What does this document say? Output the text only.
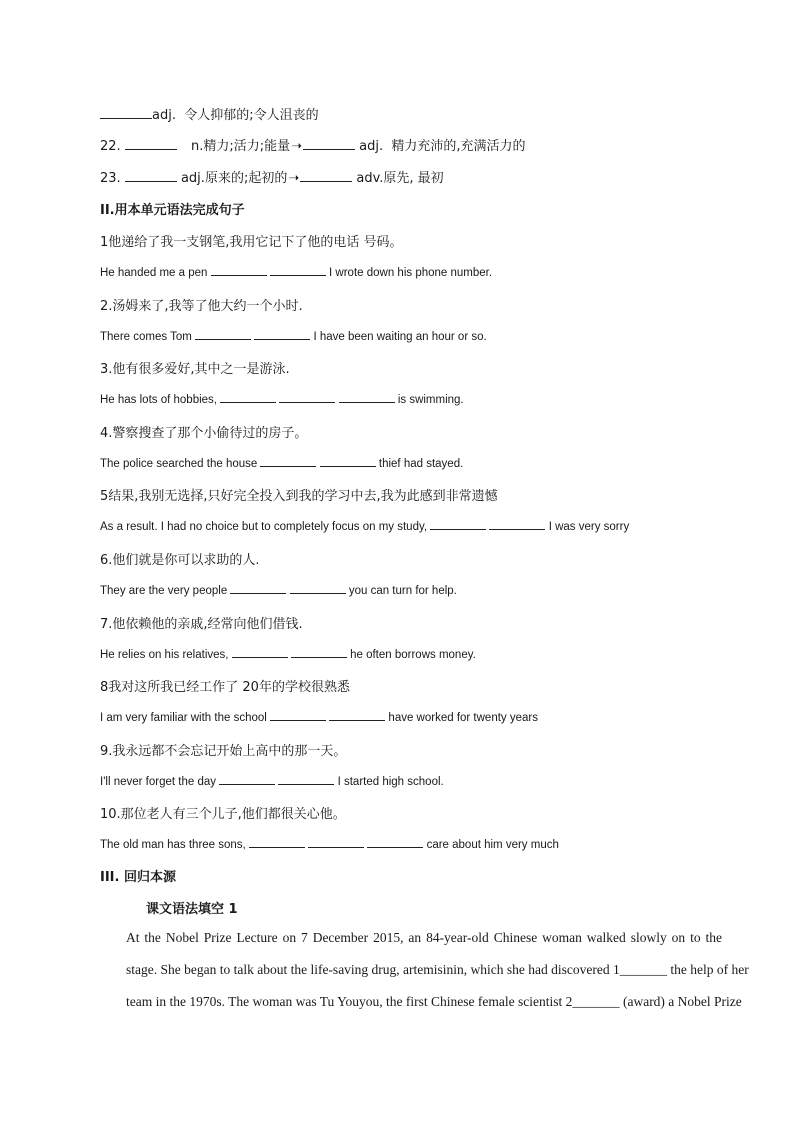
adj. 令人抑郁的;令人沮丧的
22.	n.精力;活力;能量➝	adj. 精力充沛的,充满活力的
23.	adj.原来的;起初的➝	adv.原先, 最初
II.用本单元语法完成句子
III. 回归本源
课文语法填空 1
At the Nobel Prize Lecture on 7 December 2015, an 84-year-old Chinese woman walked slowly on to the
stage. She began to talk about the life-saving drug, artemisinin, which she had discovered 1_______ the help of her
team in the 1970s. The woman was Tu Youyou, the first Chinese female scientist 2_______ (award) a Nobel Prize
1他递给了我一支钢笔,我用它记下了他的电话 号码。
He handed me a pen	I wrote down his phone number.
2.汤姆来了,我等了他大约一个小时.
There comes Tom	I have been waiting an hour or so.
3.他有很多爱好,其中之一是游泳.
He has lots of hobbies,	is swimming.
4.警察搜查了那个小偷待过的房子。
The police searched the house	thief had stayed.
5结果,我别无选择,只好完全投入到我的学习中去,我为此感到非常遗憾
As a result. I had no choice but to completely focus on my study,	I was very sorry
6.他们就是你可以求助的人.
They are the very people	you can turn for help.
7.他依赖他的亲戚,经常向他们借钱.
He relies on his relatives,	he often borrows money.
8我对这所我已经工作了 20年的学校很熟悉
I am very familiar with the school	have worked for twenty years
9.我永远都不会忘记开始上高中的那一天。
I'll never forget the day	I started high school.
10.那位老人有三个儿子,他们都很关心他。
The old man has three sons,	care about him very much
